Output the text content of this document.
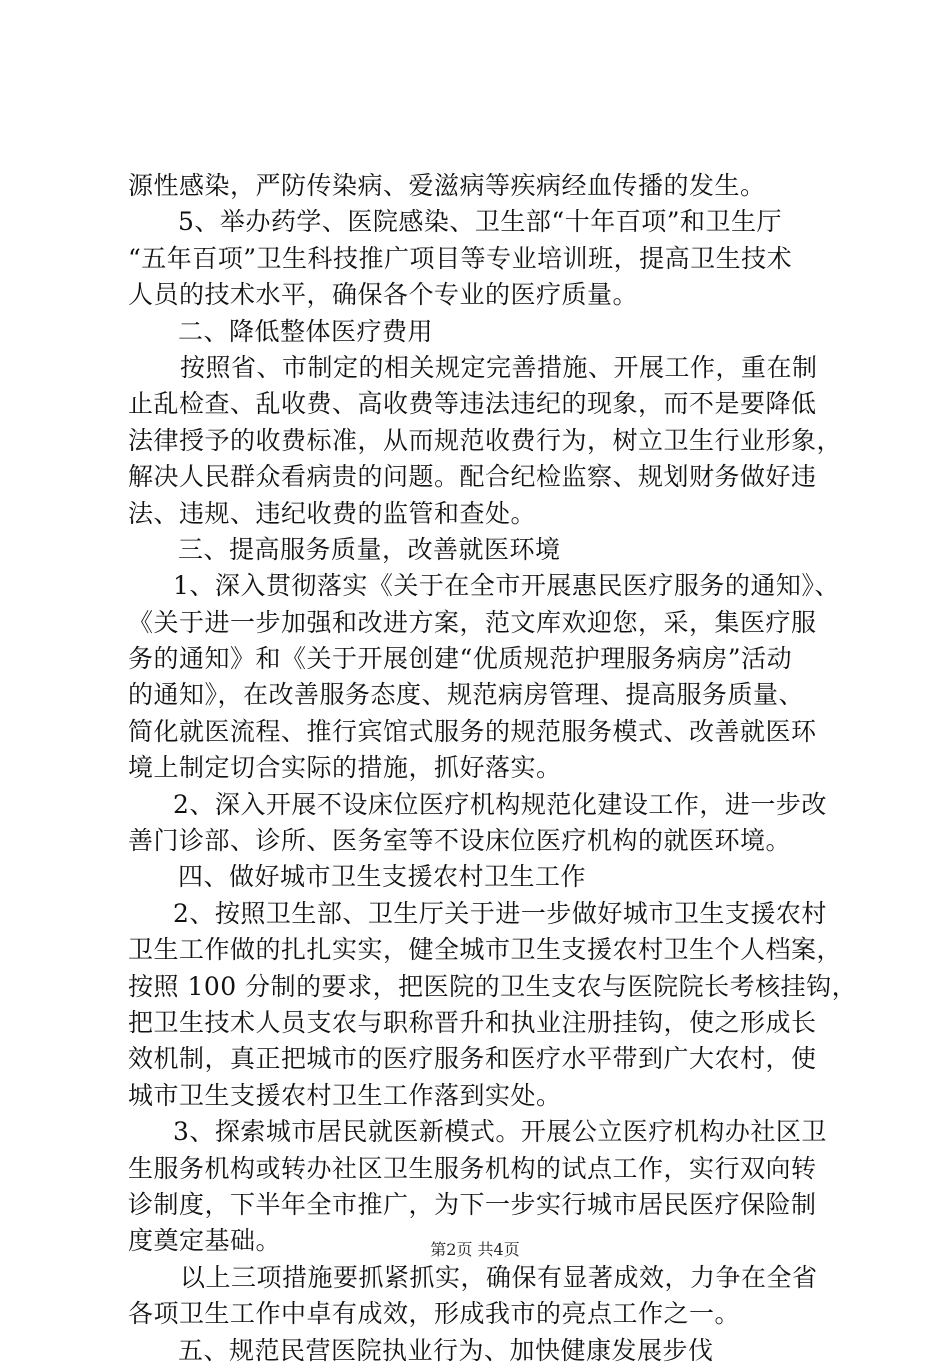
源性感染，严防传染病、爱滋病等疾病经血传播的发生。
5、举办药学、医院感染、卫生部“十年百项”和卫生厅
“五年百项”卫生科技推广项目等专业培训班，提高卫生技术
人员的技术水平，确保各个专业的医疗质量。
二、降低整体医疗费用
按照省、市制定的相关规定完善措施、开展工作，重在制
止乱检查、乱收费、高收费等违法违纪的现象，而不是要降低
法律授予的收费标准，从而规范收费行为，树立卫生行业形象，
解决人民群众看病贵的问题。配合纪检监察、规划财务做好违
法、违规、违纪收费的监管和查处。
三、提高服务质量，改善就医环境
1、深入贯彻落实《关于在全市开展惠民医疗服务的通知》、
《关于进一步加强和改进方案，范文库欢迎您，采，集医疗服
务的通知》和《关于开展创建“优质规范护理服务病房”活动
的通知》，在改善服务态度、规范病房管理、提高服务质量、
简化就医流程、推行宾馆式服务的规范服务模式、改善就医环
境上制定切合实际的措施，抓好落实。
2、深入开展不设床位医疗机构规范化建设工作，进一步改
善门诊部、诊所、医务室等不设床位医疗机构的就医环境。
四、做好城市卫生支援农村卫生工作
2、按照卫生部、卫生厅关于进一步做好城市卫生支援农村
卫生工作做的扎扎实实，健全城市卫生支援农村卫生个人档案，
按照 100 分制的要求，把医院的卫生支农与医院院长考核挂钩，
把卫生技术人员支农与职称晋升和执业注册挂钩，使之形成长
效机制，真正把城市的医疗服务和医疗水平带到广大农村，使
城市卫生支援农村卫生工作落到实处。
3、探索城市居民就医新模式。开展公立医疗机构办社区卫
生服务机构或转办社区卫生服务机构的试点工作，实行双向转
诊制度，下半年全市推广，为下一步实行城市居民医疗保险制
度奠定基础。
以上三项措施要抓紧抓实，确保有显著成效，力争在全省
各项卫生工作中卓有成效，形成我市的亮点工作之一。
五、规范民营医院执业行为、加快健康发展步伐
第2页 共4页
